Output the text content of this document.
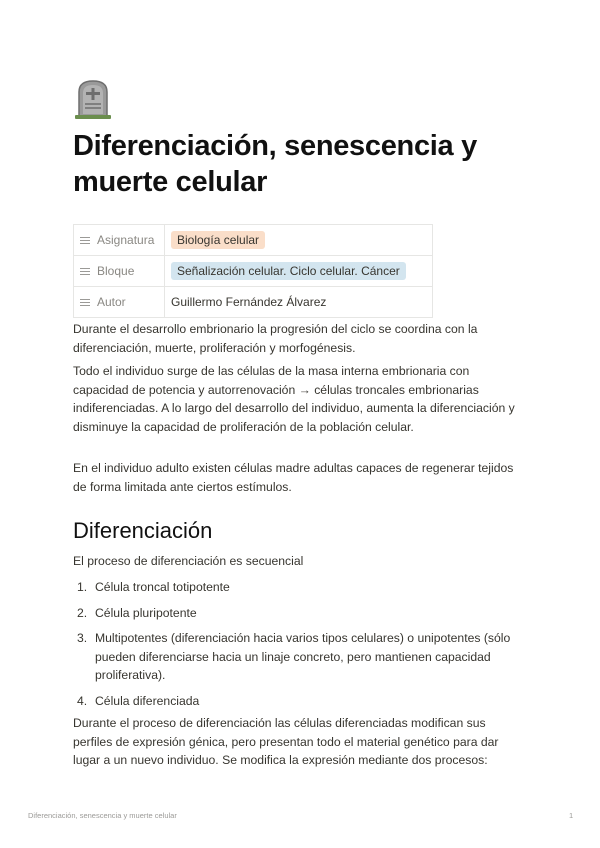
Diferenciación, senescencia y muerte celular
Asignatura	Biología celular

Bloque	Señalización celular. Ciclo celular. Cáncer

Autor	Guillermo Fernández Álvarez

Durante el desarrollo embrionario la progresión del ciclo se coordina con la diferenciación, muerte, proliferación y morfogénesis.

Todo el individuo surge de las células de la masa interna embrionaria con capacidad de potencia y autorrenovación → células troncales embrionarias indiferenciadas. A lo largo del desarrollo del individuo, aumenta la diferenciación y disminuye la capacidad de proliferación de la población celular.

En el individuo adulto existen células madre adultas capaces de regenerar tejidos de forma limitada ante ciertos estímulos.

Diferenciación

El proceso de diferenciación es secuencial

1. Célula troncal totipotente
2. Célula pluripotente
3. Multipotentes (diferenciación hacia varios tipos celulares) o unipotentes (sólo pueden diferenciarse hacia un linaje concreto, pero mantienen capacidad proliferativa).
4. Célula diferenciada

Durante el proceso de diferenciación las células diferenciadas modifican sus perfiles de expresión génica, pero presentan todo el material genético para dar lugar a un nuevo individuo. Se modifica la expresión mediante dos procesos:

Diferenciación, senescencia y muerte celular	1
